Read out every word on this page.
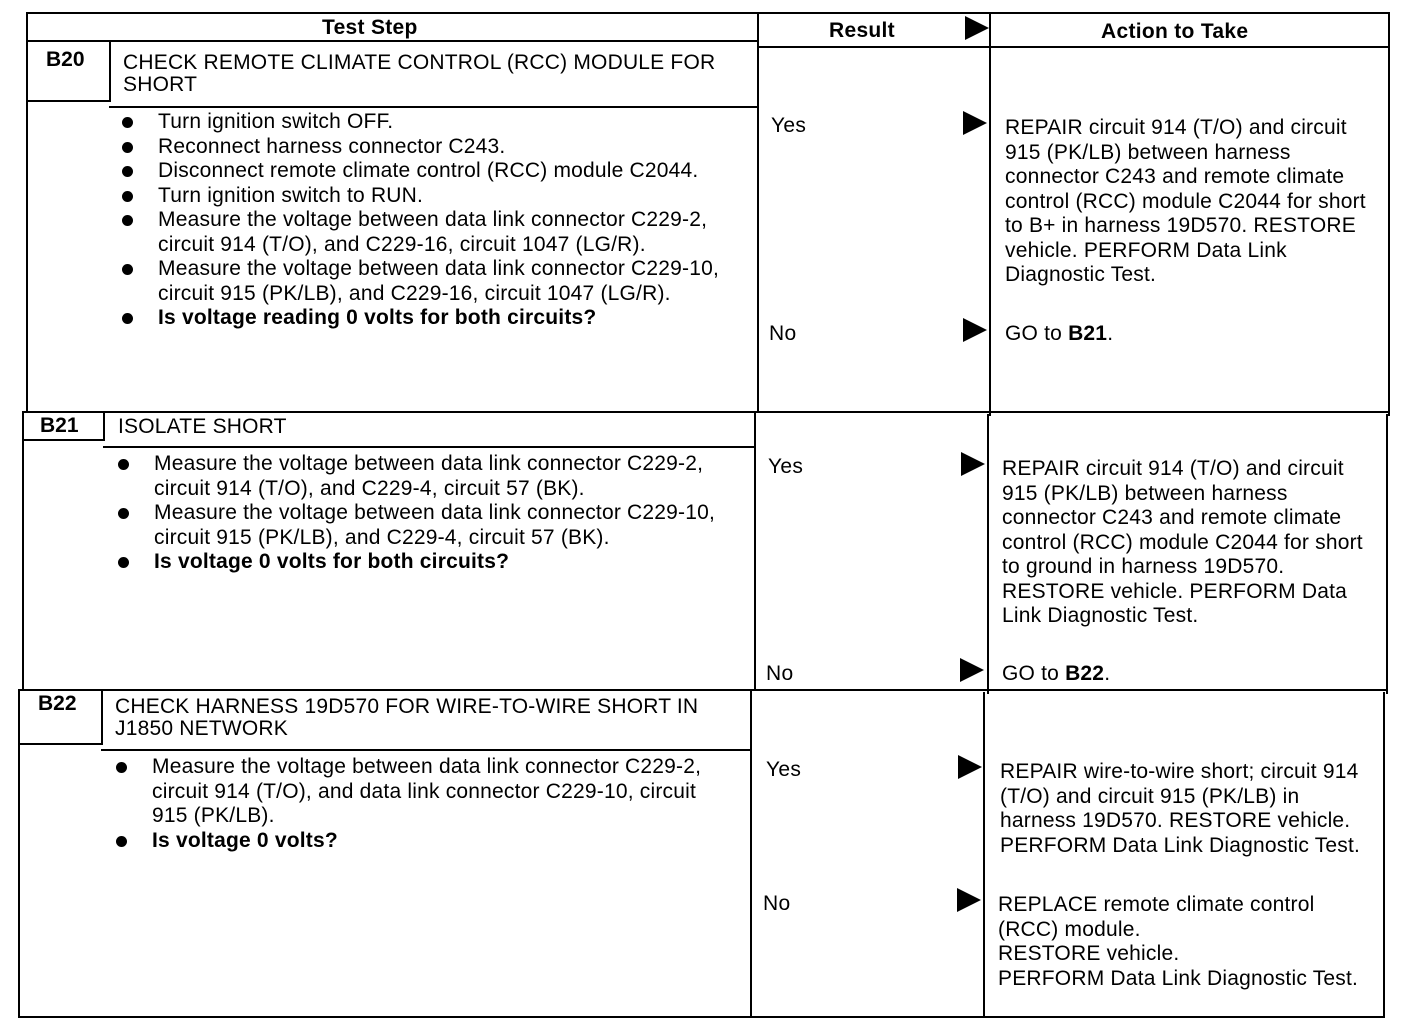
Test Step	Result	Action to Take
B20 CHECK REMOTE CLIMATE CONTROL (RCC) MODULE FOR SHORT
Turn ignition switch OFF.
Reconnect harness connector C243.
Disconnect remote climate control (RCC) module C2044.
Turn ignition switch to RUN.
Measure the voltage between data link connector C229-2, circuit 914 (T/O), and C229-16, circuit 1047 (LG/R).
Measure the voltage between data link connector C229-10, circuit 915 (PK/LB), and C229-16, circuit 1047 (LG/R).
Is voltage reading 0 volts for both circuits?
Yes	REPAIR circuit 914 (T/O) and circuit 915 (PK/LB) between harness connector C243 and remote climate control (RCC) module C2044 for short to B+ in harness 19D570. RESTORE vehicle. PERFORM Data Link Diagnostic Test.
No	GO to B21.
B21 ISOLATE SHORT
Measure the voltage between data link connector C229-2, circuit 914 (T/O), and C229-4, circuit 57 (BK).
Measure the voltage between data link connector C229-10, circuit 915 (PK/LB), and C229-4, circuit 57 (BK).
Is voltage 0 volts for both circuits?
Yes	REPAIR circuit 914 (T/O) and circuit 915 (PK/LB) between harness connector C243 and remote climate control (RCC) module C2044 for short to ground in harness 19D570. RESTORE vehicle. PERFORM Data Link Diagnostic Test.
No	GO to B22.
B22 CHECK HARNESS 19D570 FOR WIRE-TO-WIRE SHORT IN J1850 NETWORK
Measure the voltage between data link connector C229-2, circuit 914 (T/O), and data link connector C229-10, circuit 915 (PK/LB).
Is voltage 0 volts?
Yes	REPAIR wire-to-wire short; circuit 914 (T/O) and circuit 915 (PK/LB) in harness 19D570. RESTORE vehicle. PERFORM Data Link Diagnostic Test.
No	REPLACE remote climate control (RCC) module.
RESTORE vehicle.
PERFORM Data Link Diagnostic Test.
